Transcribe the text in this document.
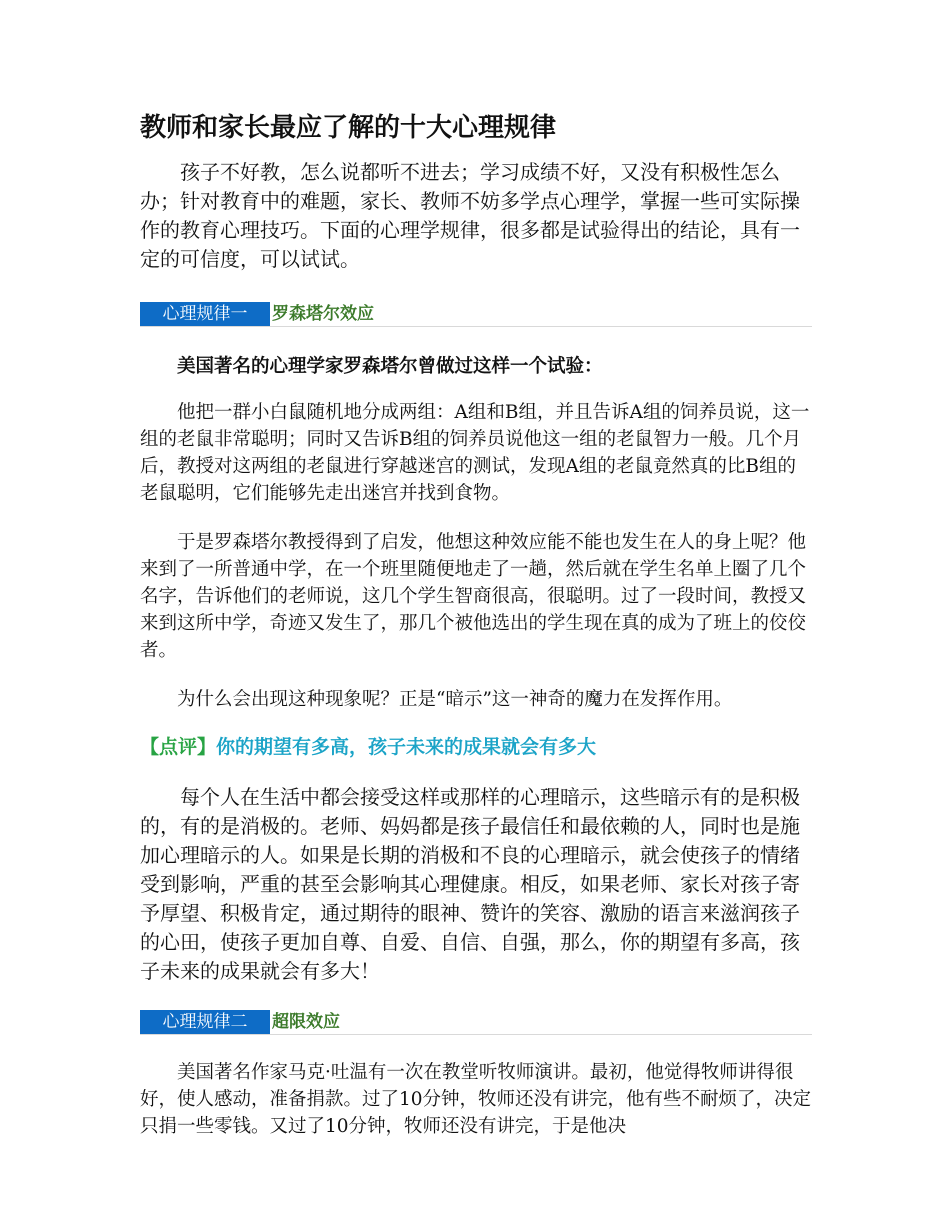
教师和家长最应了解的十大心理规律

孩子不好教，怎么说都听不进去；学习成绩不好，又没有积极性怎么办；针对教育中的难题，家长、教师不妨多学点心理学，掌握一些可实际操作的教育心理技巧。下面的心理学规律，很多都是试验得出的结论，具有一定的可信度，可以试试。

心理规律一	罗森塔尔效应

美国著名的心理学家罗森塔尔曾做过这样一个试验：

他把一群小白鼠随机地分成两组：A组和B组，并且告诉A组的饲养员说，这一组的老鼠非常聪明；同时又告诉B组的饲养员说他这一组的老鼠智力一般。几个月后，教授对这两组的老鼠进行穿越迷宫的测试，发现A组的老鼠竟然真的比B组的老鼠聪明，它们能够先走出迷宫并找到食物。

于是罗森塔尔教授得到了启发，他想这种效应能不能也发生在人的身上呢？他来到了一所普通中学，在一个班里随便地走了一趟，然后就在学生名单上圈了几个名字，告诉他们的老师说，这几个学生智商很高，很聪明。过了一段时间，教授又来到这所中学，奇迹又发生了，那几个被他选出的学生现在真的成为了班上的佼佼者。

为什么会出现这种现象呢？正是“暗示”这一神奇的魔力在发挥作用。

【点评】你的期望有多高，孩子未来的成果就会有多大

每个人在生活中都会接受这样或那样的心理暗示，这些暗示有的是积极的，有的是消极的。老师、妈妈都是孩子最信任和最依赖的人，同时也是施加心理暗示的人。如果是长期的消极和不良的心理暗示，就会使孩子的情绪受到影响，严重的甚至会影响其心理健康。相反，如果老师、家长对孩子寄予厚望、积极肯定，通过期待的眼神、赞许的笑容、激励的语言来滋润孩子的心田，使孩子更加自尊、自爱、自信、自强，那么，你的期望有多高，孩子未来的成果就会有多大！

心理规律二	超限效应

美国著名作家马克·吐温有一次在教堂听牧师演讲。最初，他觉得牧师讲得很好，使人感动，准备捐款。过了10分钟，牧师还没有讲完，他有些不耐烦了，决定只捐一些零钱。又过了10分钟，牧师还没有讲完，于是他决
